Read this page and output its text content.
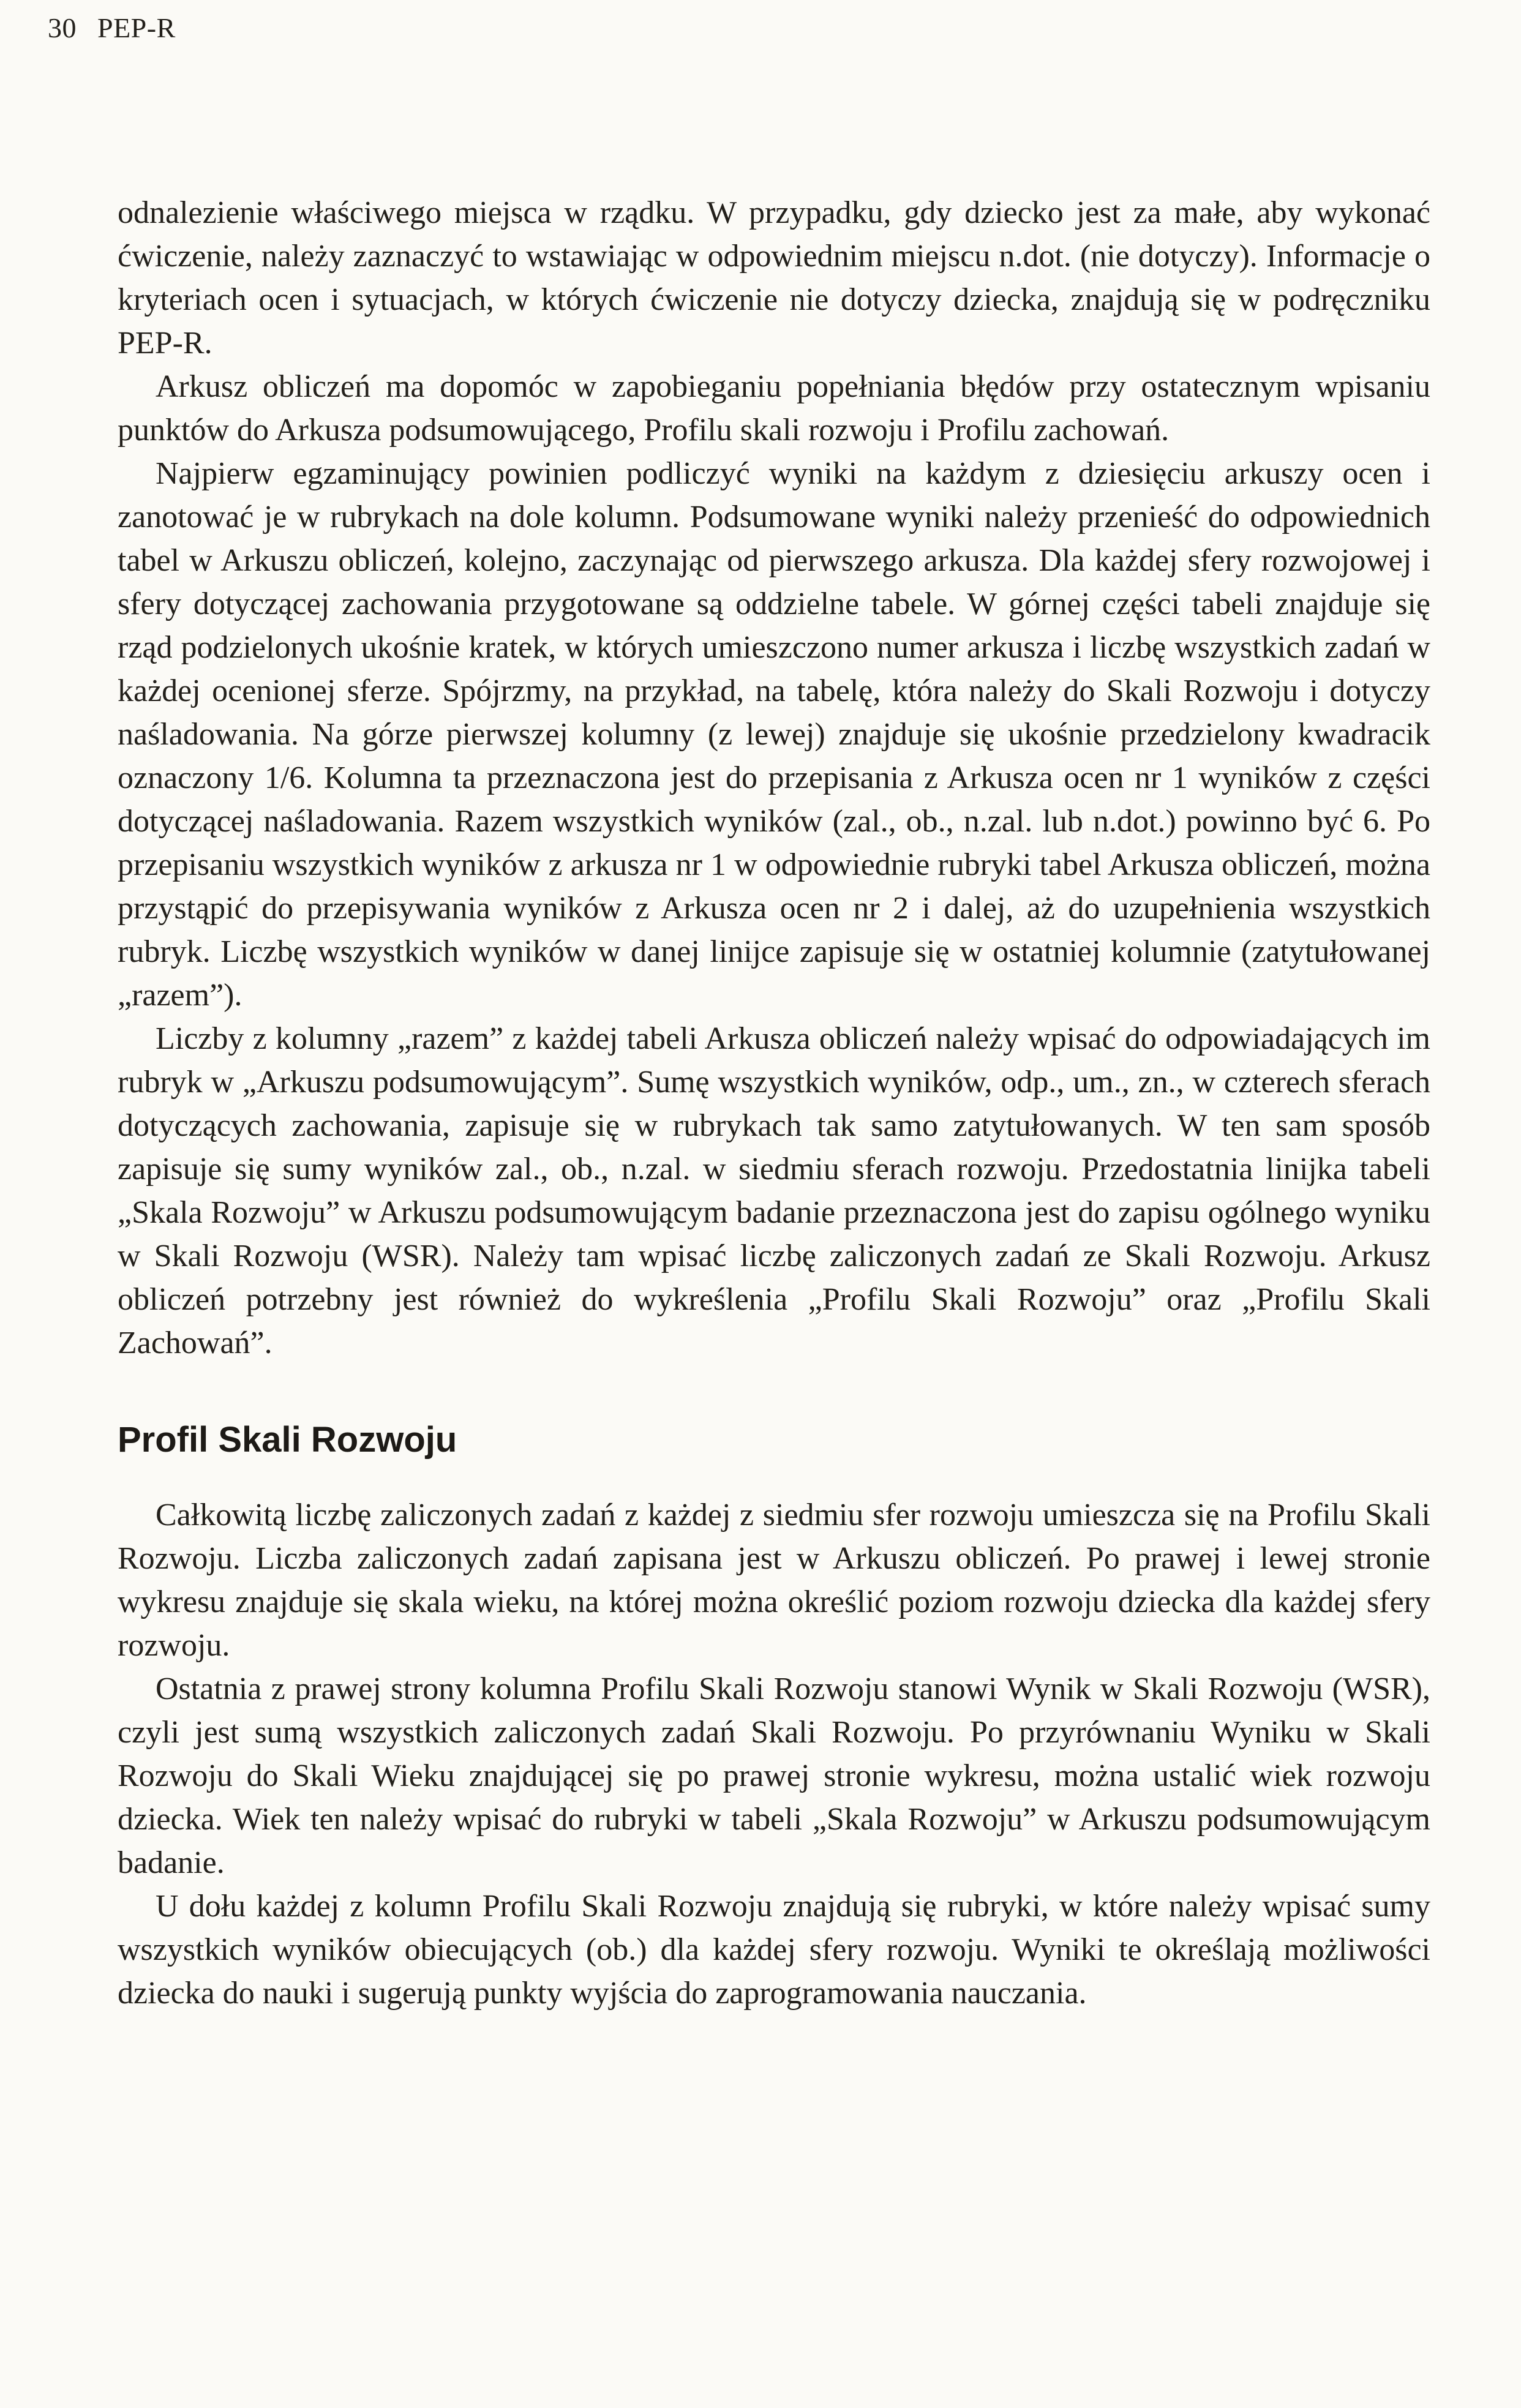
30 PEP-R

odnalezienie właściwego miejsca w rządku. W przypadku, gdy dziecko jest za małe, aby wykonać ćwiczenie, należy zaznaczyć to wstawiając w odpowiednim miejscu n.dot. (nie dotyczy). Informacje o kryteriach ocen i sytuacjach, w których ćwiczenie nie dotyczy dziecka, znajdują się w podręczniku PEP-R.

Arkusz obliczeń ma dopomóc w zapobieganiu popełniania błędów przy ostatecznym wpisaniu punktów do Arkusza podsumowującego, Profilu skali rozwoju i Profilu zachowań.

Najpierw egzaminujący powinien podliczyć wyniki na każdym z dziesięciu arkuszy ocen i zanotować je w rubrykach na dole kolumn. Podsumowane wyniki należy przenieść do odpowiednich tabel w Arkuszu obliczeń, kolejno, zaczynając od pierwszego arkusza. Dla każdej sfery rozwojowej i sfery dotyczącej zachowania przygotowane są oddzielne tabele. W górnej części tabeli znajduje się rząd podzielonych ukośnie kratek, w których umieszczono numer arkusza i liczbę wszystkich zadań w każdej ocenionej sferze. Spójrzmy, na przykład, na tabelę, która należy do Skali Rozwoju i dotyczy naśladowania. Na górze pierwszej kolumny (z lewej) znajduje się ukośnie przedzielony kwadracik oznaczony 1/6. Kolumna ta przeznaczona jest do przepisania z Arkusza ocen nr 1 wyników z części dotyczącej naśladowania. Razem wszystkich wyników (zal., ob., n.zal. lub n.dot.) powinno być 6. Po przepisaniu wszystkich wyników z arkusza nr 1 w odpowiednie rubryki tabel Arkusza obliczeń, można przystąpić do przepisywania wyników z Arkusza ocen nr 2 i dalej, aż do uzupełnienia wszystkich rubryk. Liczbę wszystkich wyników w danej linijce zapisuje się w ostatniej kolumnie (zatytułowanej „razem”).

Liczby z kolumny „razem” z każdej tabeli Arkusza obliczeń należy wpisać do odpowiadających im rubryk w „Arkuszu podsumowującym”. Sumę wszystkich wyników, odp., um., zn., w czterech sferach dotyczących zachowania, zapisuje się w rubrykach tak samo zatytułowanych. W ten sam sposób zapisuje się sumy wyników zal., ob., n.zal. w siedmiu sferach rozwoju. Przedostatnia linijka tabeli „Skala Rozwoju” w Arkuszu podsumowującym badanie przeznaczona jest do zapisu ogólnego wyniku w Skali Rozwoju (WSR). Należy tam wpisać liczbę zaliczonych zadań ze Skali Rozwoju. Arkusz obliczeń potrzebny jest również do wykreślenia „Profilu Skali Rozwoju” oraz „Profilu Skali Zachowań”.

Profil Skali Rozwoju

Całkowitą liczbę zaliczonych zadań z każdej z siedmiu sfer rozwoju umieszcza się na Profilu Skali Rozwoju. Liczba zaliczonych zadań zapisana jest w Arkuszu obliczeń. Po prawej i lewej stronie wykresu znajduje się skala wieku, na której można określić poziom rozwoju dziecka dla każdej sfery rozwoju.

Ostatnia z prawej strony kolumna Profilu Skali Rozwoju stanowi Wynik w Skali Rozwoju (WSR), czyli jest sumą wszystkich zaliczonych zadań Skali Rozwoju. Po przyrównaniu Wyniku w Skali Rozwoju do Skali Wieku znajdującej się po prawej stronie wykresu, można ustalić wiek rozwoju dziecka. Wiek ten należy wpisać do rubryki w tabeli „Skala Rozwoju” w Arkuszu podsumowującym badanie.

U dołu każdej z kolumn Profilu Skali Rozwoju znajdują się rubryki, w które należy wpisać sumy wszystkich wyników obiecujących (ob.) dla każdej sfery rozwoju. Wyniki te określają możliwości dziecka do nauki i sugerują punkty wyjścia do zaprogramowania nauczania.
